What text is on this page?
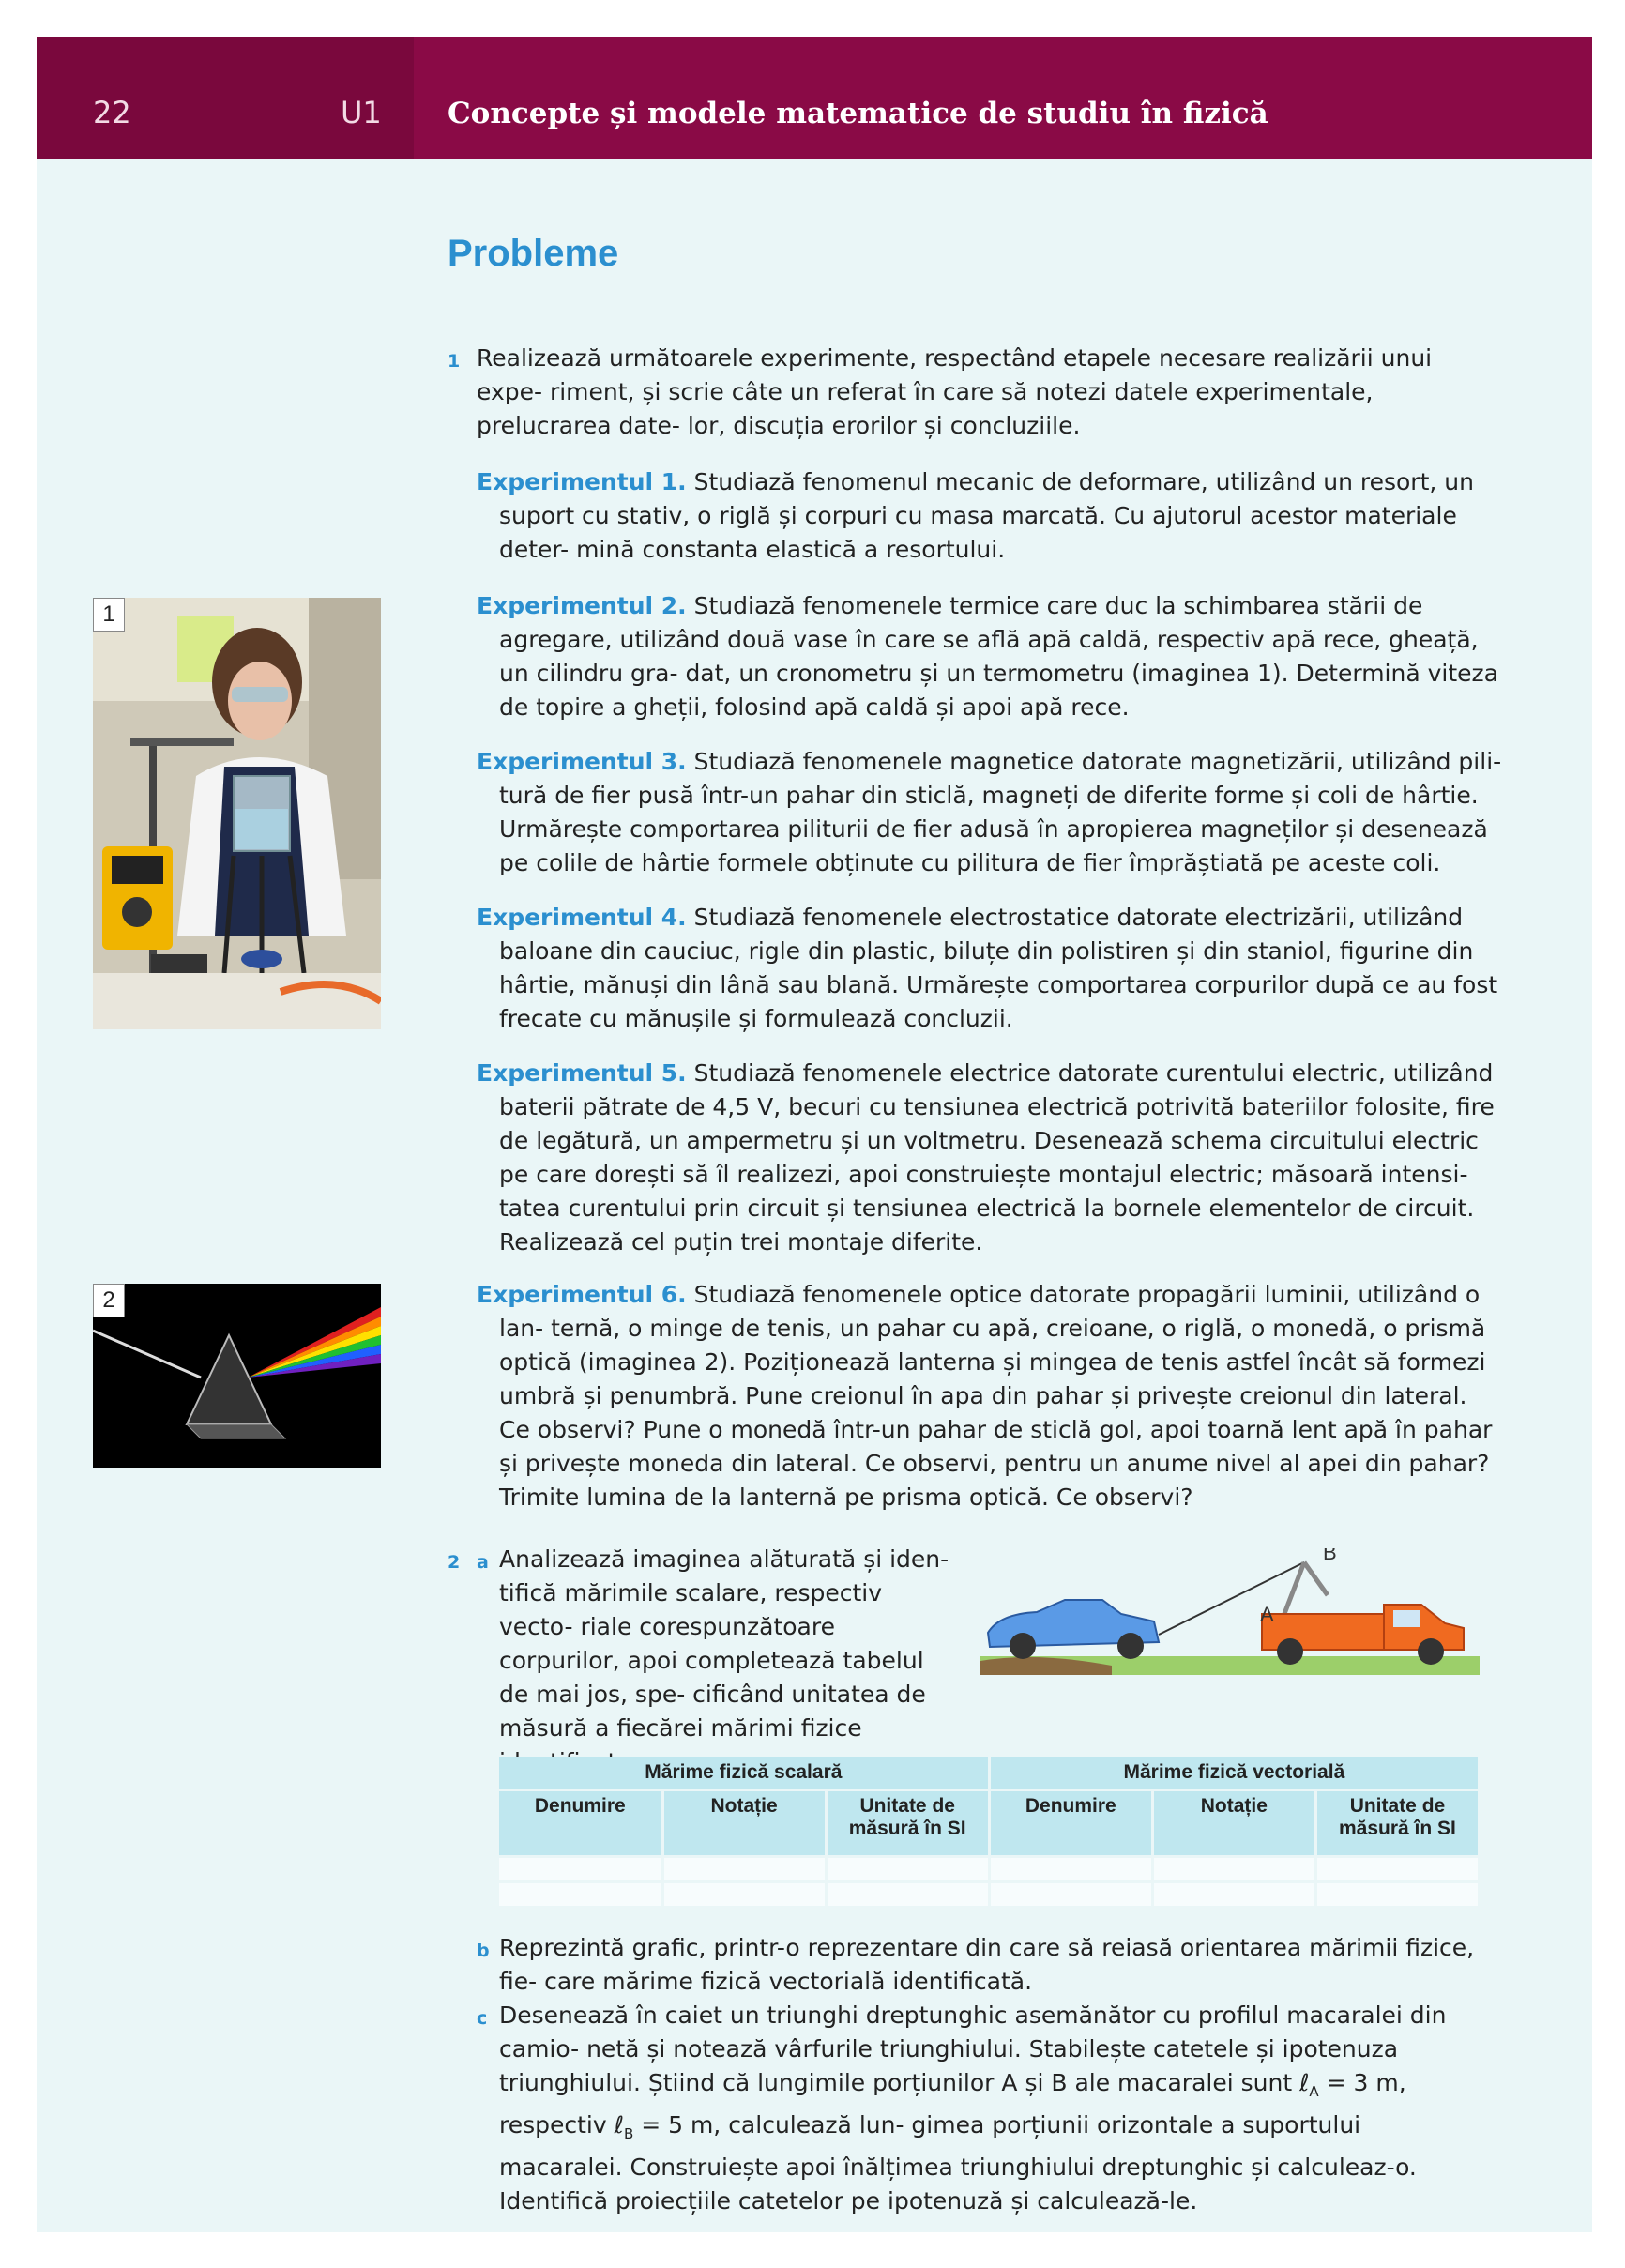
22	U1 Concepte și modele matematice de studiu în fizică
Probleme
1 Realizează următoarele experimente, respectând etapele necesare realizării unui expe- riment, și scrie câte un referat în care să notezi datele experimentale, prelucrarea date- lor, discuția erorilor și concluziile.
Experimentul 1. Studiază fenomenul mecanic de deformare, utilizând un resort, un suport cu stativ, o riglă și corpuri cu masa marcată. Cu ajutorul acestor materiale deter- mină constanta elastică a resortului.
Experimentul 2. Studiază fenomenele termice care duc la schimbarea stării de agregare, utilizând două vase în care se află apă caldă, respectiv apă rece, gheață, un cilindru gra- dat, un cronometru și un termometru (imaginea 1). Determină viteza de topire a gheții, folosind apă caldă și apoi apă rece.
Experimentul 3. Studiază fenomenele magnetice datorate magnetizării, utilizând pili- tură de fier pusă într-un pahar din sticlă, magneți de diferite forme și coli de hârtie. Urmărește comportarea piliturii de fier adusă în apropierea magneților și desenează pe colile de hârtie formele obținute cu pilitura de fier împrăștiată pe aceste coli.
Experimentul 4. Studiază fenomenele electrostatice datorate electrizării, utilizând baloane din cauciuc, rigle din plastic, biluțe din polistiren și din staniol, figurine din hârtie, mănuși din lână sau blană. Urmărește comportarea corpurilor după ce au fost frecate cu mănușile și formulează concluzii.
Experimentul 5. Studiază fenomenele electrice datorate curentului electric, utilizând baterii pătrate de 4,5 V, becuri cu tensiunea electrică potrivită bateriilor folosite, fire de legătură, un ampermetru și un voltmetru. Desenează schema circuitului electric pe care dorești să îl realizezi, apoi construiește montajul electric; măsoară intensi- tatea curentului prin circuit și tensiunea electrică la bornele elementelor de circuit. Realizează cel puțin trei montaje diferite.
Experimentul 6. Studiază fenomenele optice datorate propagării luminii, utilizând o lan- ternă, o minge de tenis, un pahar cu apă, creioane, o riglă, o monedă, o prismă optică (imaginea 2). Poziționează lanterna și mingea de tenis astfel încât să formezi umbră și penumbră. Pune creionul în apa din pahar și privește creionul din lateral. Ce observi? Pune o monedă într-un pahar de sticlă gol, apoi toarnă lent apă în pahar și privește moneda din lateral. Ce observi, pentru un anume nivel al apei din pahar? Trimite lumina de la lanternă pe prisma optică. Ce observi?
1
2
2 a Analizează imaginea alăturată și iden- tifică mărimile scalare, respectiv vecto- riale corespunzătoare corpurilor, apoi completează tabelul de mai jos, spe- cificând unitatea de măsură a fiecărei mărimi fizice
B
A
Mărime fizică scalară			Mărime fizică vectorială		
Denumire	Notație	Unitate de măsură în SI	Denumire	Notație	Unitate de măsură în SI

b Reprezintă grafic, printr-o reprezentare din care să reiasă orientarea mărimii fizice, fie- care mărime fizică vectorială identificată.
c Desenează în caiet un triunghi dreptunghic asemănător cu profilul macaralei din camio- netă și notează vârfurile triunghiului. Stabilește catetele și ipotenuza triunghiului. Știind că lungimile porțiunilor A și B ale macaralei sunt ℓ$_A$ = 3 m, respectiv ℓ$_B$ = 5 m, calculează lun- gimea porțiunii orizontale a suportului macaralei. Construiește apoi înălțimea triunghiului dreptunghic și calculeaz-o. Identifică proiecțiile catetelor pe ipotenuză și calculează-le.
